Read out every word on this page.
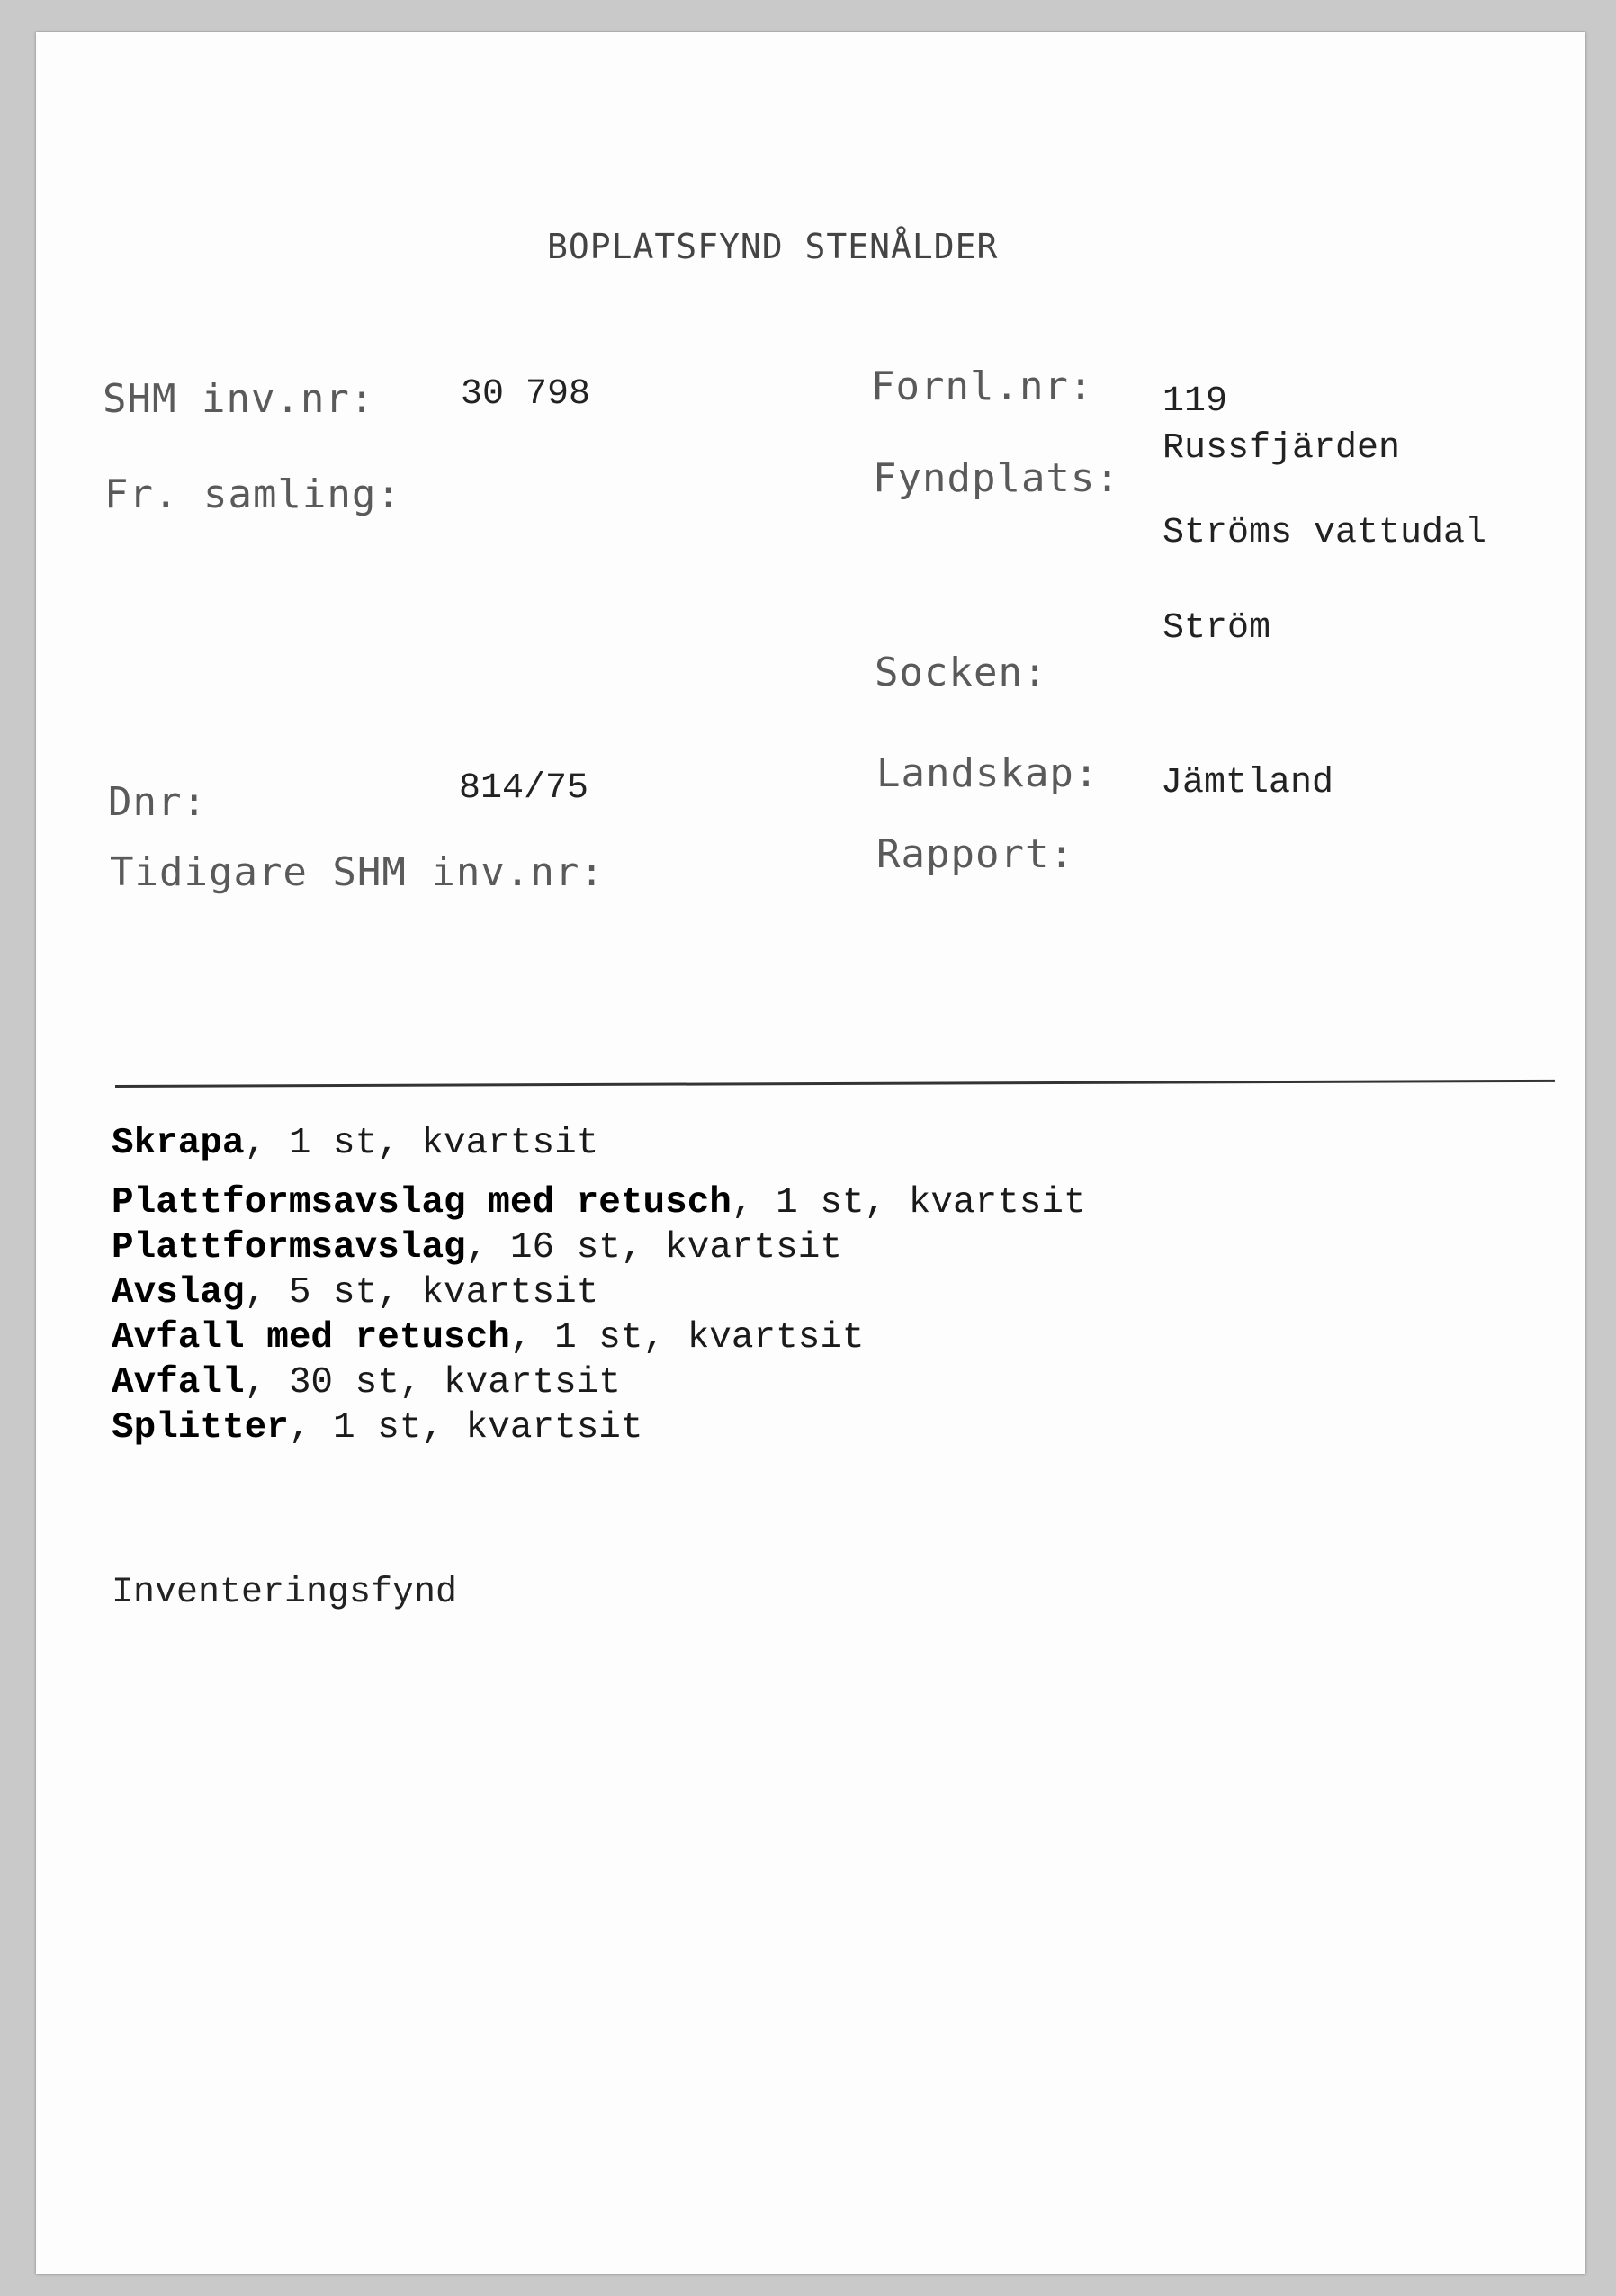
BOPLATSFYND STENÅLDER
SHM inv.nr:
Fr. samling:
Dnr:
Tidigare SHM inv.nr:
30 798
814/75
Fornl.nr:
Fyndplats:
Socken:
Landskap:
Rapport:
119
Russfjärden
Ströms vattudal
Ström
Jämtland
Skrapa, 1 st, kvartsit
Plattformsavslag med retusch, 1 st, kvartsit
Plattformsavslag, 16 st, kvartsit
Avslag, 5 st, kvartsit
Avfall med retusch, 1 st, kvartsit
Avfall, 30 st, kvartsit
Splitter, 1 st, kvartsit
Inventeringsfynd
